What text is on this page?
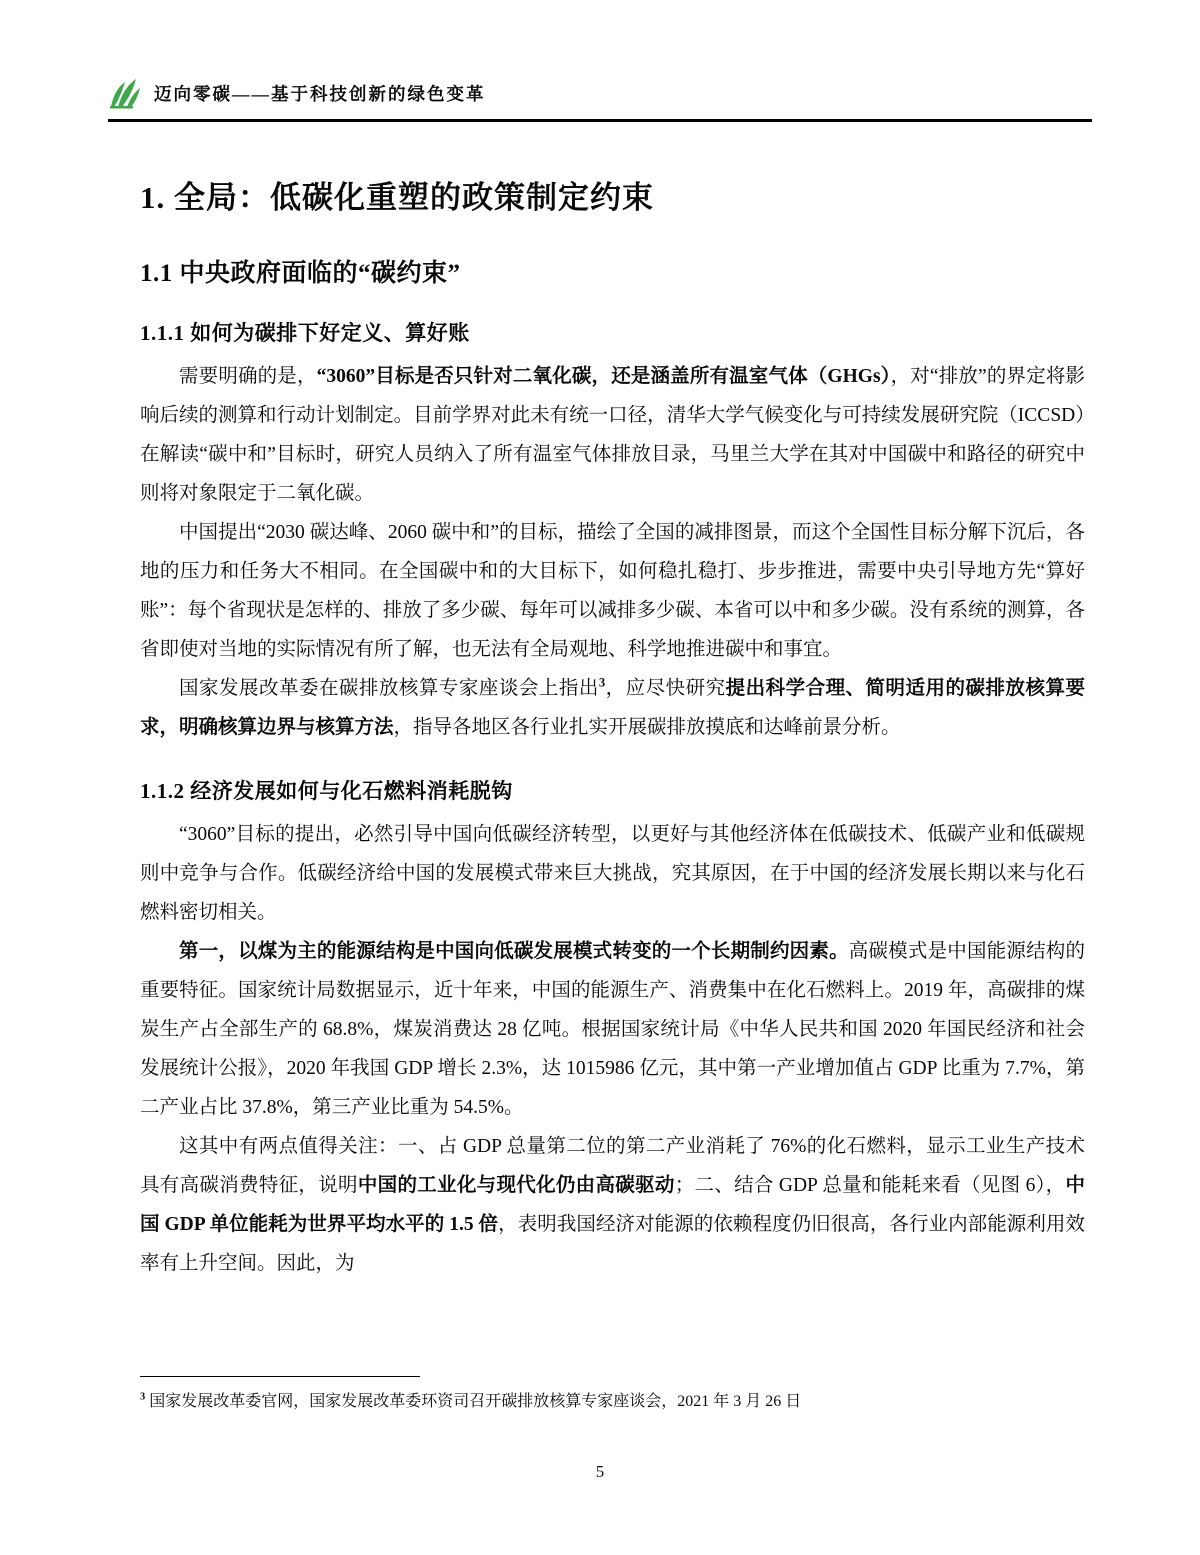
迈向零碳——基于科技创新的绿色变革
1. 全局：低碳化重塑的政策制定约束
1.1 中央政府面临的“碳约束”
1.1.1 如何为碳排下好定义、算好账

需要明确的是，“3060”目标是否只针对二氧化碳，还是涵盖所有温室气体（GHGs），对“排放”的界定将影响后续的测算和行动计划制定。目前学界对此未有统一口径，清华大学气候变化与可持续发展研究院（ICCSD）在解读“碳中和”目标时，研究人员纳入了所有温室气体排放目录，马里兰大学在其对中国碳中和路径的研究中则将对象限定于二氧化碳。

中国提出“2030 碳达峰、2060 碳中和”的目标，描绘了全国的减排图景，而这个全国性目标分解下沉后，各地的压力和任务大不相同。在全国碳中和的大目标下，如何稳扎稳打、步步推进，需要中央引导地方先“算好账”：每个省现状是怎样的、排放了多少碳、每年可以减排多少碳、本省可以中和多少碳。没有系统的测算，各省即使对当地的实际情况有所了解，也无法有全局观地、科学地推进碳中和事宜。

国家发展改革委在碳排放核算专家座谈会上指出$^3$，应尽快研究提出科学合理、简明适用的碳排放核算要求，明确核算边界与核算方法，指导各地区各行业扎实开展碳排放摸底和达峰前景分析。

1.1.2 经济发展如何与化石燃料消耗脱钩

“3060”目标的提出，必然引导中国向低碳经济转型，以更好与其他经济体在低碳技术、低碳产业和低碳规则中竞争与合作。低碳经济给中国的发展模式带来巨大挑战，究其原因，在于中国的经济发展长期以来与化石燃料密切相关。

第一，以煤为主的能源结构是中国向低碳发展模式转变的一个长期制约因素。高碳模式是中国能源结构的重要特征。国家统计局数据显示，近十年来，中国的能源生产、消费集中在化石燃料上。2019 年，高碳排的煤炭生产占全部生产的 68.8%，煤炭消费达 28 亿吨。根据国家统计局《中华人民共和国 2020 年国民经济和社会发展统计公报》，2020 年我国 GDP 增长 2.3%，达 1015986 亿元，其中第一产业增加值占 GDP 比重为 7.7%，第二产业占比 37.8%，第三产业比重为 54.5%。

这其中有两点值得关注：一、占 GDP 总量第二位的第二产业消耗了 76%的化石燃料，显示工业生产技术具有高碳消费特征，说明中国的工业化与现代化仍由高碳驱动；二、结合 GDP 总量和能耗来看（见图 6），中国 GDP 单位能耗为世界平均水平的 1.5 倍，表明我国经济对能源的依赖程度仍旧很高，各行业内部能源利用效率有上升空间。因此，为

$^3$ 国家发展改革委官网，国家发展改革委环资司召开碳排放核算专家座谈会，2021 年 3 月 26 日

5
